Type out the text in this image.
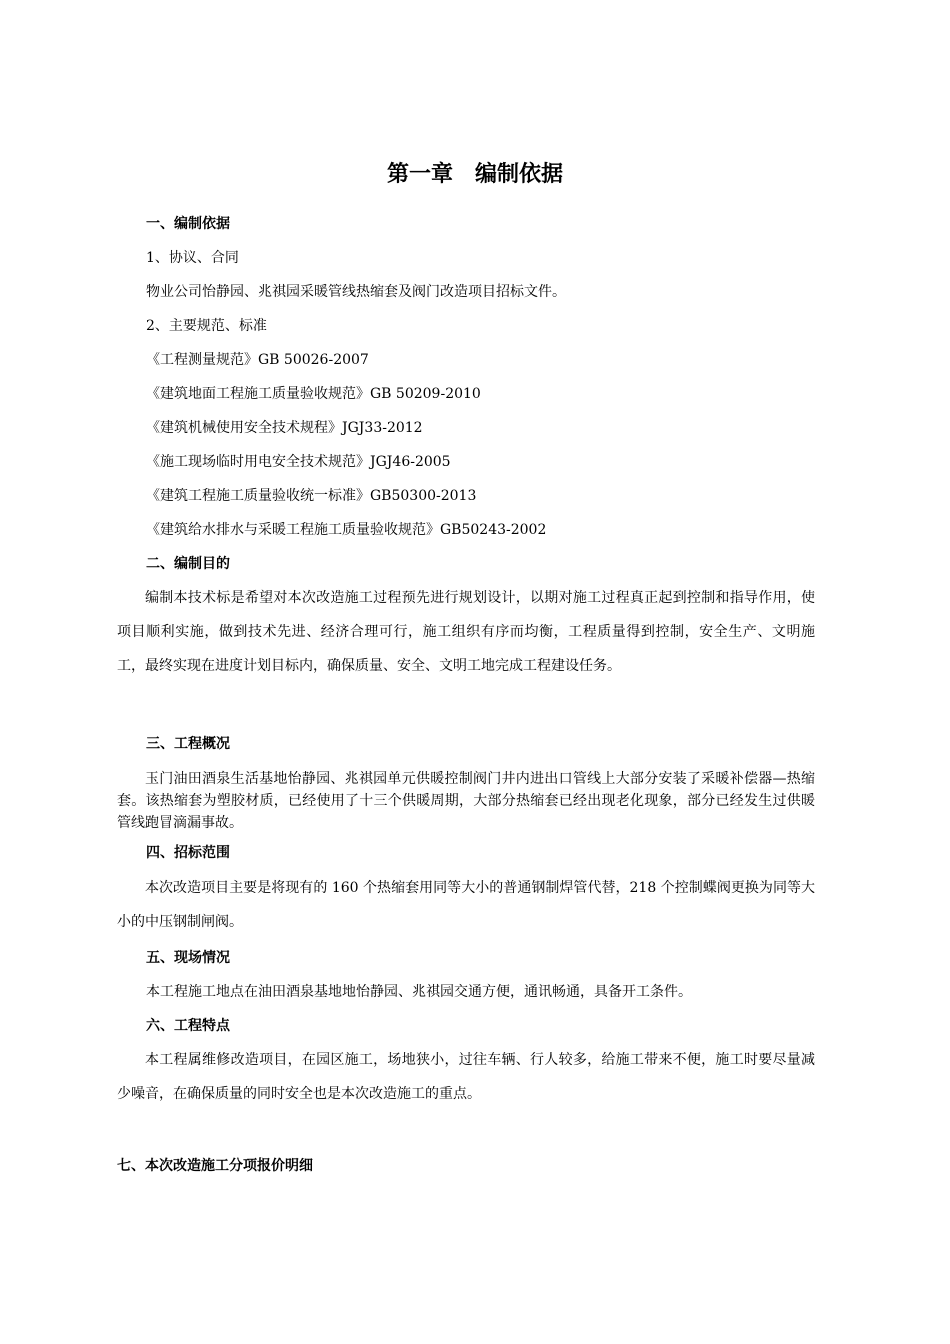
第一章　编制依据
一、编制依据
1、协议、合同
物业公司怡静园、兆祺园采暖管线热缩套及阀门改造项目招标文件。
2、主要规范、标准
《工程测量规范》GB 50026-2007
《建筑地面工程施工质量验收规范》GB 50209-2010
《建筑机械使用安全技术规程》JGJ33-2012
《施工现场临时用电安全技术规范》JGJ46-2005
《建筑工程施工质量验收统一标准》GB50300-2013
《建筑给水排水与采暖工程施工质量验收规范》GB50243-2002
二、编制目的
编制本技术标是希望对本次改造施工过程预先进行规划设计，以期对施工过程真正起到控制和指导作用，使项目顺利实施，做到技术先进、经济合理可行，施工组织有序而均衡，工程质量得到控制，安全生产、文明施工，最终实现在进度计划目标内，确保质量、安全、文明工地完成工程建设任务。
三、工程概况
玉门油田酒泉生活基地怡静园、兆祺园单元供暖控制阀门井内进出口管线上大部分安装了采暖补偿器—热缩套。该热缩套为塑胶材质，已经使用了十三个供暖周期，大部分热缩套已经出现老化现象，部分已经发生过供暖管线跑冒滴漏事故。
四、招标范围
本次改造项目主要是将现有的 160 个热缩套用同等大小的普通钢制焊管代替，218 个控制蝶阀更换为同等大小的中压钢制闸阀。
五、现场情况
本工程施工地点在油田酒泉基地地怡静园、兆祺园交通方便，通讯畅通，具备开工条件。
六、工程特点
本工程属维修改造项目，在园区施工，场地狭小，过往车辆、行人较多，给施工带来不便，施工时要尽量减少噪音，在确保质量的同时安全也是本次改造施工的重点。
七、本次改造施工分项报价明细
